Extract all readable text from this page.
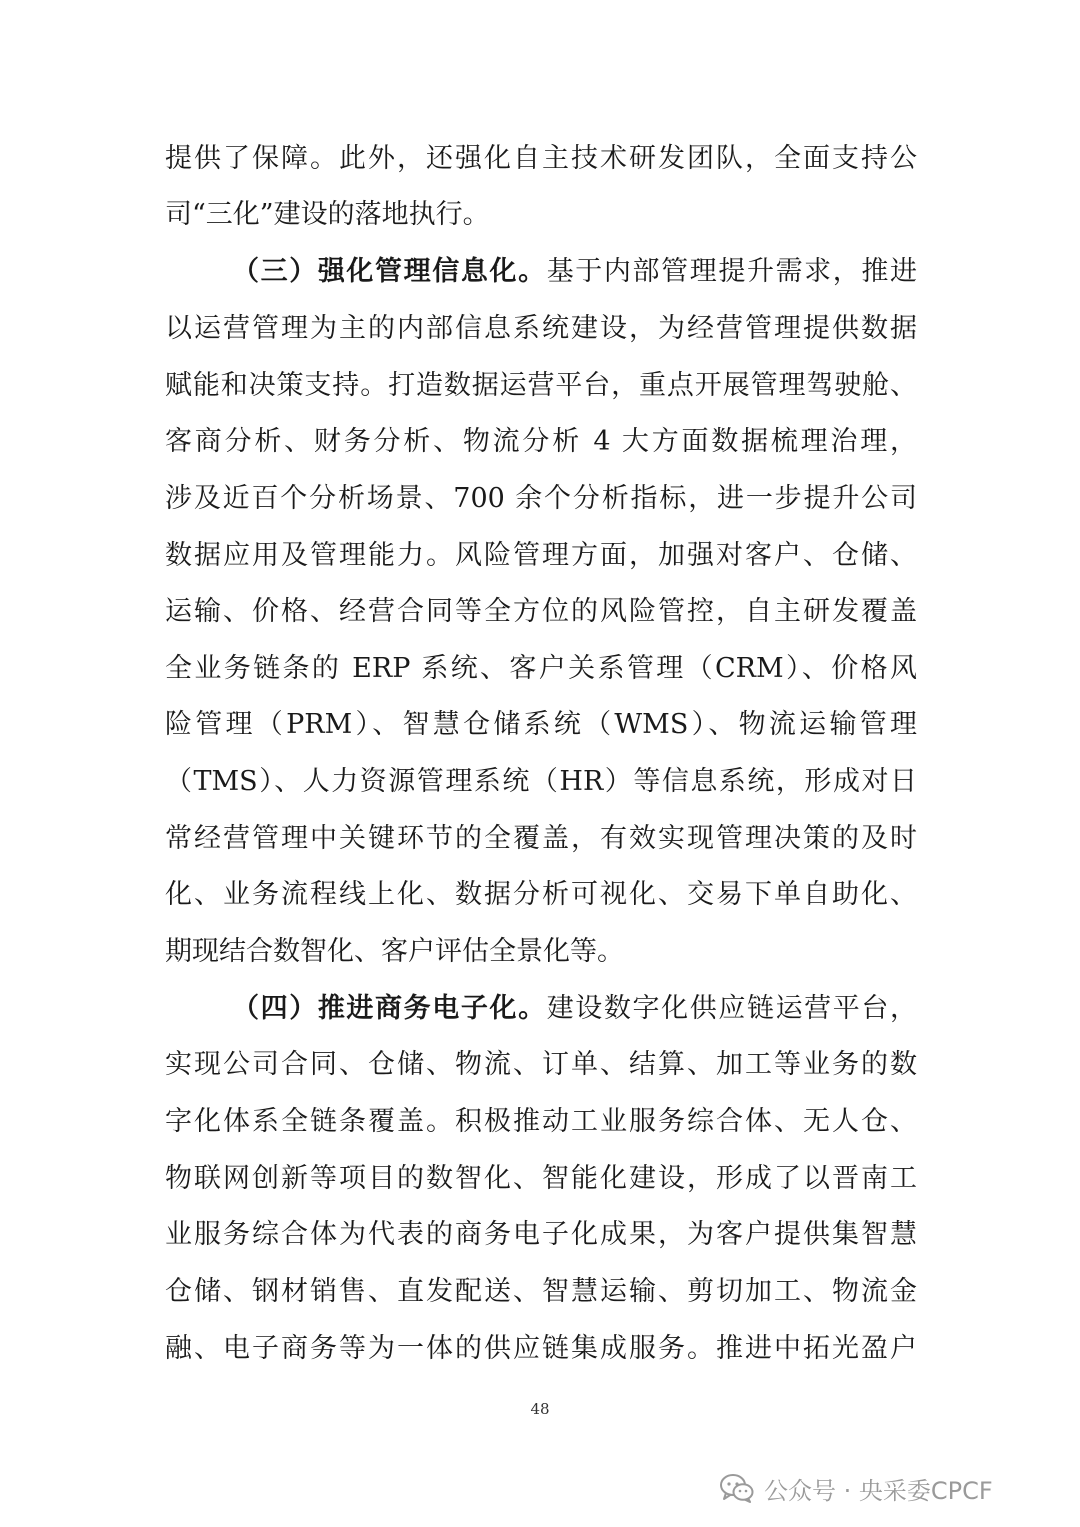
提供了保障。此外，还强化自主技术研发团队，全面支持公
司“三化”建设的落地执行。
（三）强化管理信息化。基于内部管理提升需求，推进
以运营管理为主的内部信息系统建设，为经营管理提供数据
赋能和决策支持。打造数据运营平台，重点开展管理驾驶舱、
客商分析、财务分析、物流分析 4 大方面数据梳理治理，
涉及近百个分析场景、700 余个分析指标，进一步提升公司
数据应用及管理能力。风险管理方面，加强对客户、仓储、
运输、价格、经营合同等全方位的风险管控，自主研发覆盖
全业务链条的 ERP 系统、客户关系管理（CRM）、价格风
险管理（PRM）、智慧仓储系统（WMS）、物流运输管理
（TMS）、人力资源管理系统（HR）等信息系统，形成对日
常经营管理中关键环节的全覆盖，有效实现管理决策的及时
化、业务流程线上化、数据分析可视化、交易下单自助化、
期现结合数智化、客户评估全景化等。
（四）推进商务电子化。建设数字化供应链运营平台，
实现公司合同、仓储、物流、订单、结算、加工等业务的数
字化体系全链条覆盖。积极推动工业服务综合体、无人仓、
物联网创新等项目的数智化、智能化建设，形成了以晋南工
业服务综合体为代表的商务电子化成果，为客户提供集智慧
仓储、钢材销售、直发配送、智慧运输、剪切加工、物流金
融、电子商务等为一体的供应链集成服务。推进中拓光盈户
48
公众号 · 央采委CPCF
